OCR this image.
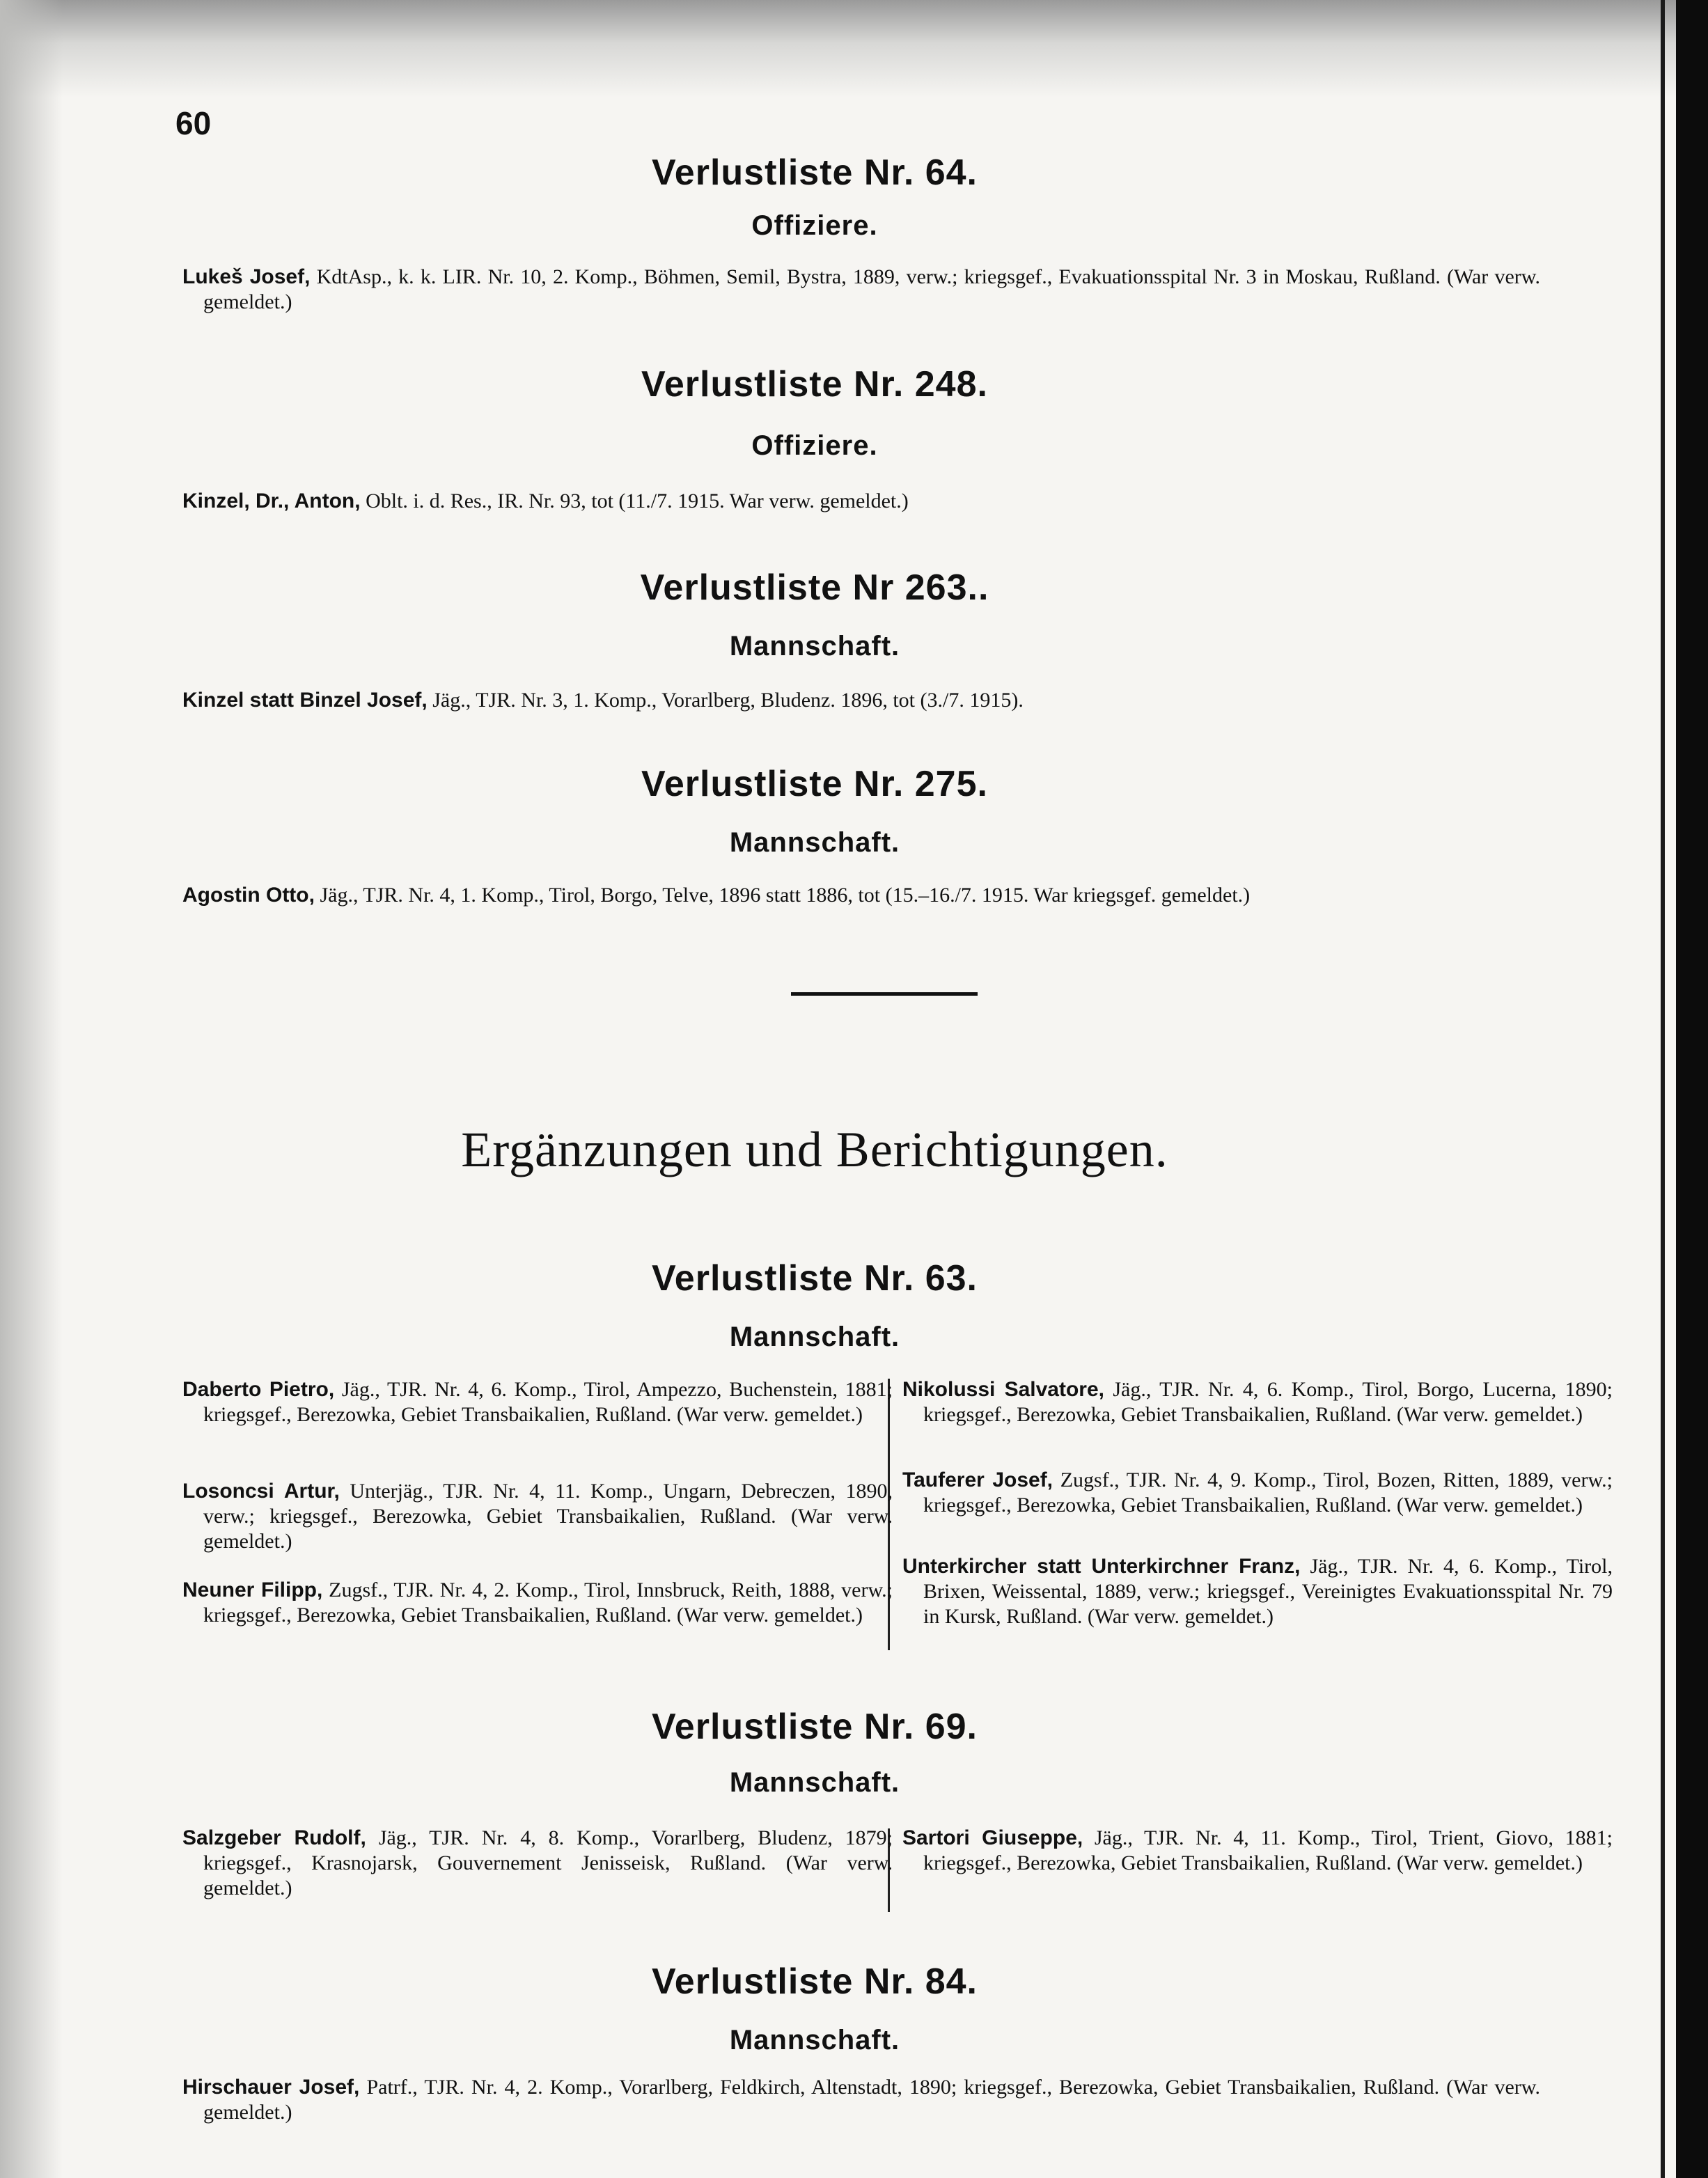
60
Verlustliste Nr. 64.
Offiziere.
Lukeš Josef, KdtAsp., k. k. LIR. Nr. 10, 2. Komp., Böhmen, Semil, Bystra, 1889, verw.; kriegsgef., Evakuationsspital Nr. 3 in Moskau, Rußland. (War verw. gemeldet.)
Verlustliste Nr. 248.
Offiziere.
Kinzel, Dr., Anton, Oblt. i. d. Res., IR. Nr. 93, tot (11./7. 1915. War verw. gemeldet.)
Verlustliste Nr 263..
Mannschaft.
Kinzel statt Binzel Josef, Jäg., TJR. Nr. 3, 1. Komp., Vorarlberg, Bludenz. 1896, tot (3./7. 1915).
Verlustliste Nr. 275.
Mannschaft.
Agostin Otto, Jäg., TJR. Nr. 4, 1. Komp., Tirol, Borgo, Telve, 1896 statt 1886, tot (15.–16./7. 1915. War kriegsgef. gemeldet.)
Ergänzungen und Berichtigungen.
Verlustliste Nr. 63.
Mannschaft.
Daberto Pietro, Jäg., TJR. Nr. 4, 6. Komp., Tirol, Ampezzo, Buchenstein, 1881; kriegsgef., Berezowka, Gebiet Transbaikalien, Rußland. (War verw. gemeldet.)
Losoncsi Artur, Unterjäg., TJR. Nr. 4, 11. Komp., Ungarn, Debreczen, 1890, verw.; kriegsgef., Berezowka, Gebiet Transbaikalien, Rußland. (War verw. gemeldet.)
Neuner Filipp, Zugsf., TJR. Nr. 4, 2. Komp., Tirol, Innsbruck, Reith, 1888, verw.; kriegsgef., Berezowka, Gebiet Transbaikalien, Rußland. (War verw. gemeldet.)
Nikolussi Salvatore, Jäg., TJR. Nr. 4, 6. Komp., Tirol, Borgo, Lucerna, 1890; kriegsgef., Berezowka, Gebiet Transbaikalien, Rußland. (War verw. gemeldet.)
Tauferer Josef, Zugsf., TJR. Nr. 4, 9. Komp., Tirol, Bozen, Ritten, 1889, verw.; kriegsgef., Berezowka, Gebiet Transbaikalien, Rußland. (War verw. gemeldet.)
Unterkircher statt Unterkirchner Franz, Jäg., TJR. Nr. 4, 6. Komp., Tirol, Brixen, Weissental, 1889, verw.; kriegsgef., Vereinigtes Evakuationsspital Nr. 79 in Kursk, Rußland. (War verw. gemeldet.)
Verlustliste Nr. 69.
Mannschaft.
Salzgeber Rudolf, Jäg., TJR. Nr. 4, 8. Komp., Vorarlberg, Bludenz, 1879; kriegsgef., Krasnojarsk, Gouvernement Jenisseisk, Rußland. (War verw. gemeldet.)
Sartori Giuseppe, Jäg., TJR. Nr. 4, 11. Komp., Tirol, Trient, Giovo, 1881; kriegsgef., Berezowka, Gebiet Transbaikalien, Rußland. (War verw. gemeldet.)
Verlustliste Nr. 84.
Mannschaft.
Hirschauer Josef, Patrf., TJR. Nr. 4, 2. Komp., Vorarlberg, Feldkirch, Altenstadt, 1890; kriegsgef., Berezowka, Gebiet Transbaikalien, Rußland. (War verw. gemeldet.)
